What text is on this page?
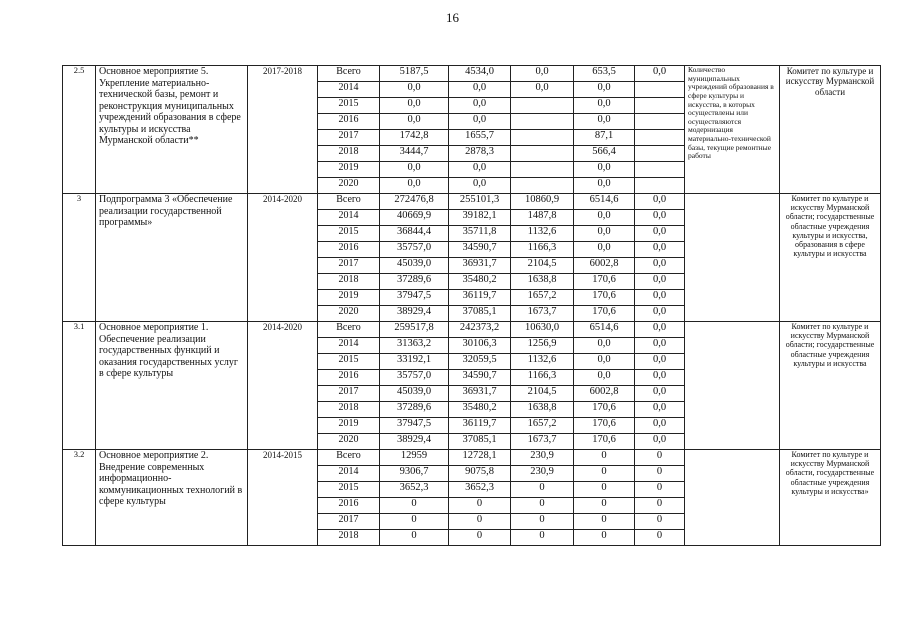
16
2.5	Основное мероприятие 5. Укрепление материально-технической базы, ремонт и реконструкция муниципальных учреждений образования в сфере культуры и искусства Мурманской области**	2017-2018	Всего	5187,5	4534,0	0,0	653,5	0,0	Количество муниципальных учреждений образования в сфере культуры и искусства, в которых осуществлены или осуществляются модернизация материально-технической базы, текущие ремонтные работы	Комитет по культуре и искусству Мурманской области
			2014	0,0	0,0	0,0	0,0			
			2015	0,0	0,0		0,0			
			2016	0,0	0,0		0,0			
			2017	1742,8	1655,7		87,1			
			2018	3444,7	2878,3		566,4			
			2019	0,0	0,0		0,0			
			2020	0,0	0,0		0,0			
3	Подпрограмма 3 «Обеспечение реализации государственной программы»	2014-2020	Всего	272476,8	255101,3	10860,9	6514,6	0,0		Комитет по культуре и искусству Мурманской области; государственные областные учреждения культуры и искусства, образования в сфере культуры и искусства
			2014	40669,9	39182,1	1487,8	0,0	0,0		
			2015	36844,4	35711,8	1132,6	0,0	0,0		
			2016	35757,0	34590,7	1166,3	0,0	0,0		
			2017	45039,0	36931,7	2104,5	6002,8	0,0		
			2018	37289,6	35480,2	1638,8	170,6	0,0		
			2019	37947,5	36119,7	1657,2	170,6	0,0		
			2020	38929,4	37085,1	1673,7	170,6	0,0		
3.1	Основное мероприятие 1. Обеспечение реализации государственных функций и оказания государственных услуг в сфере культуры	2014-2020	Всего	259517,8	242373,2	10630,0	6514,6	0,0		Комитет по культуре и искусству Мурманской области; государственные областные учреждения культуры и искусства
			2014	31363,2	30106,3	1256,9	0,0	0,0		
			2015	33192,1	32059,5	1132,6	0,0	0,0		
			2016	35757,0	34590,7	1166,3	0,0	0,0		
			2017	45039,0	36931,7	2104,5	6002,8	0,0		
			2018	37289,6	35480,2	1638,8	170,6	0,0		
			2019	37947,5	36119,7	1657,2	170,6	0,0		
			2020	38929,4	37085,1	1673,7	170,6	0,0		
3.2	Основное мероприятие 2. Внедрение современных информационно-коммуникационных технологий в сфере культуры	2014-2015	Всего	12959	12728,1	230,9	0	0		Комитет по культуре и искусству Мурманской области, государственные областные учреждения культуры и искусства»
			2014	9306,7	9075,8	230,9	0	0		
			2015	3652,3	3652,3	0	0	0		
			2016	0	0	0	0	0		
			2017	0	0	0	0	0		
			2018	0	0	0	0	0		
